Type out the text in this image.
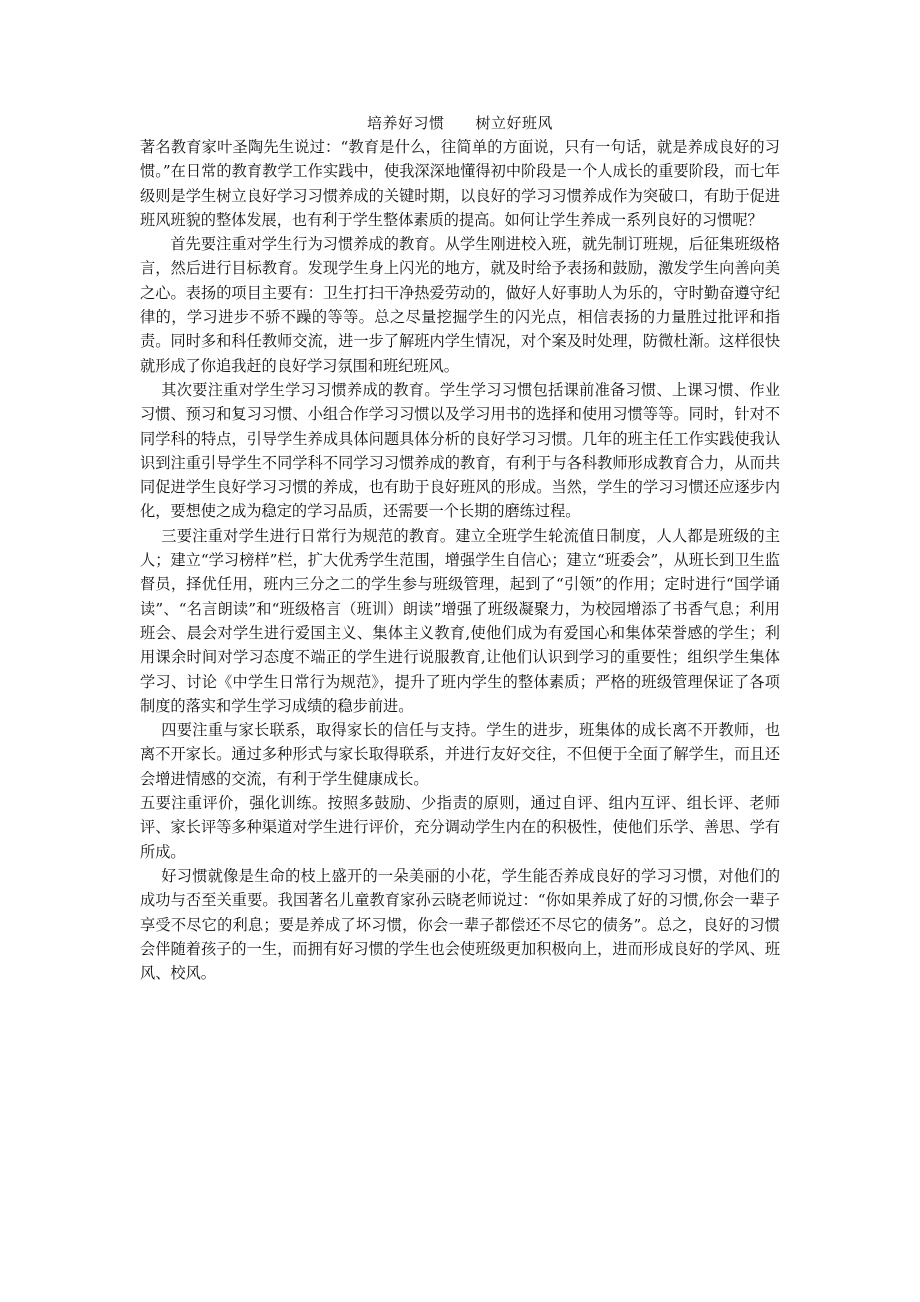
培养好习惯　　树立好班风

著名教育家叶圣陶先生说过：“教育是什么，往简单的方面说，只有一句话，就是养成良好的习惯。”在日常的教育教学工作实践中，使我深深地懂得初中阶段是一个人成长的重要阶段，而七年级则是学生树立良好学习习惯养成的关键时期，以良好的学习习惯养成作为突破口，有助于促进班风班貌的整体发展，也有利于学生整体素质的提高。如何让学生养成一系列良好的习惯呢？

首先要注重对学生行为习惯养成的教育。从学生刚进校入班，就先制订班规，后征集班级格言，然后进行目标教育。发现学生身上闪光的地方，就及时给予表扬和鼓励，激发学生向善向美之心。表扬的项目主要有：卫生打扫干净热爱劳动的，做好人好事助人为乐的，守时勤奋遵守纪律的，学习进步不骄不躁的等等。总之尽量挖掘学生的闪光点，相信表扬的力量胜过批评和指责。同时多和科任教师交流，进一步了解班内学生情况，对个案及时处理，防微杜渐。这样很快就形成了你追我赶的良好学习氛围和班纪班风。

其次要注重对学生学习习惯养成的教育。学生学习习惯包括课前准备习惯、上课习惯、作业习惯、预习和复习习惯、小组合作学习习惯以及学习用书的选择和使用习惯等等。同时，针对不同学科的特点，引导学生养成具体问题具体分析的良好学习习惯。几年的班主任工作实践使我认识到注重引导学生不同学科不同学习习惯养成的教育，有利于与各科教师形成教育合力，从而共同促进学生良好学习习惯的养成，也有助于良好班风的形成。当然，学生的学习习惯还应逐步内化，要想使之成为稳定的学习品质，还需要一个长期的磨练过程。

三要注重对学生进行日常行为规范的教育。建立全班学生轮流值日制度，人人都是班级的主人；建立“学习榜样”栏，扩大优秀学生范围，增强学生自信心；建立“班委会”，从班长到卫生监督员，择优任用，班内三分之二的学生参与班级管理，起到了“引领”的作用；定时进行“国学诵读”、“名言朗读”和“班级格言（班训）朗读”增强了班级凝聚力，为校园增添了书香气息；利用班会、晨会对学生进行爱国主义、集体主义教育,使他们成为有爱国心和集体荣誉感的学生；利用课余时间对学习态度不端正的学生进行说服教育,让他们认识到学习的重要性；组织学生集体学习、讨论《中学生日常行为规范》，提升了班内学生的整体素质；严格的班级管理保证了各项制度的落实和学生学习成绩的稳步前进。

四要注重与家长联系，取得家长的信任与支持。学生的进步，班集体的成长离不开教师，也离不开家长。通过多种形式与家长取得联系，并进行友好交往，不但便于全面了解学生，而且还会增进情感的交流，有利于学生健康成长。

五要注重评价，强化训练。按照多鼓励、少指责的原则，通过自评、组内互评、组长评、老师评、家长评等多种渠道对学生进行评价，充分调动学生内在的积极性，使他们乐学、善思、学有所成。

好习惯就像是生命的枝上盛开的一朵美丽的小花，学生能否养成良好的学习习惯，对他们的成功与否至关重要。我国著名儿童教育家孙云晓老师说过：“你如果养成了好的习惯,你会一辈子享受不尽它的利息；要是养成了坏习惯，你会一辈子都偿还不尽它的债务”。总之，良好的习惯会伴随着孩子的一生，而拥有好习惯的学生也会使班级更加积极向上，进而形成良好的学风、班风、校风。
